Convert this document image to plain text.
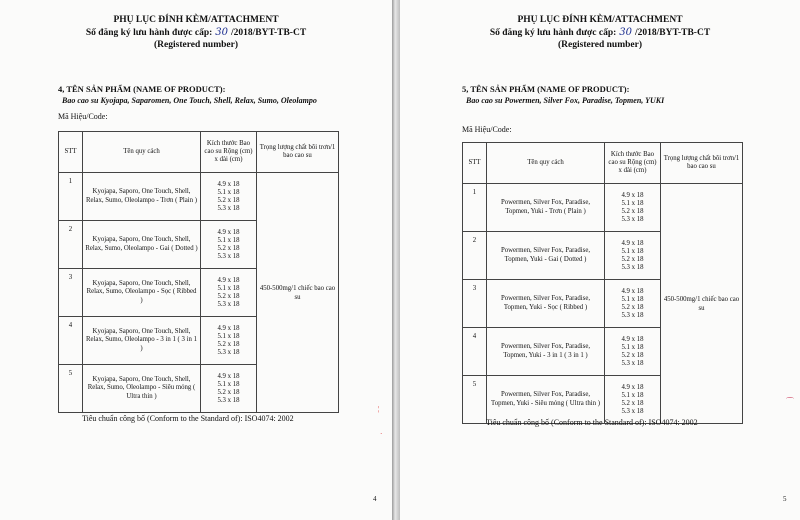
PHỤ LỤC ĐÍNH KÈM/ATTACHMENT
Số đăng ký lưu hành được cấp: 30 /2018/BYT-TB-CT
(Registered number)
4, TÊN SẢN PHẨM (NAME OF PRODUCT):
Bao cao su Kyojapa, Saparomen, One Touch, Shell, Relax, Sumo, Oleolampo
Mã Hiệu/Code:
STT	Tên quy cách	Kích thước Bao cao su Rộng (cm) x dài (cm)	Trọng lượng chất bôi trơn/1 bao cao su
1	Kyojapa, Saporo, One Touch, Shell, Relax, Sumo, Oleolampo - Trơn ( Plain )	4.9 x 18
5.1 x 18
5.2 x 18
5.3 x 18	450-500mg/1 chiếc bao cao su
2	Kyojapa, Saporo, One Touch, Shell, Relax, Sumo, Oleolampo - Gai ( Dotted )	4.9 x 18
5.1 x 18
5.2 x 18
5.3 x 18	

3	Kyojapa, Saporo, One Touch, Shell, Relax, Sumo, Oleolampo - Sọc ( Ribbed )	4.9 x 18
5.1 x 18
5.2 x 18
5.3 x 18	

4	Kyojapa, Saporo, One Touch, Shell, Relax, Sumo, Oleolampo - 3 in 1 ( 3 in 1 )	4.9 x 18
5.1 x 18
5.2 x 18
5.3 x 18	

5	Kyojapa, Saporo, One Touch, Shell, Relax, Sumo, Oleolampo - Siêu mỏng ( Ultra thin )	4.9 x 18
5.1 x 18
5.2 x 18
5.3 x 18	
Tiêu chuẩn công bố (Conform to the Standard of): ISO4074: 2002
4
¦
·
PHỤ LỤC ĐÍNH KÈM/ATTACHMENT
Số đăng ký lưu hành được cấp: 30 /2018/BYT-TB-CT
(Registered number)
5, TÊN SẢN PHẨM (NAME OF PRODUCT):
Bao cao su Powermen, Silver Fox, Paradise, Topmen, YUKI
Mã Hiệu/Code:
STT	Tên quy cách	Kích thước Bao cao su Rộng (cm) x dài (cm)	Trọng lượng chất bôi trơn/1 bao cao su
1	Powermen, Silver Fox, Paradise, Topmen, Yuki - Trơn ( Plain )	4.9 x 18
5.1 x 18
5.2 x 18
5.3 x 18	450-500mg/1 chiếc bao cao su
2	Powermen, Silver Fox, Paradise, Topmen, Yuki - Gai ( Dotted )	4.9 x 18
5.1 x 18
5.2 x 18
5.3 x 18	

3	Powermen, Silver Fox, Paradise, Topmen, Yuki - Sọc ( Ribbed )	4.9 x 18
5.1 x 18
5.2 x 18
5.3 x 18	

4	Powermen, Silver Fox, Paradise, Topmen, Yuki - 3 in 1 ( 3 in 1 )	4.9 x 18
5.1 x 18
5.2 x 18
5.3 x 18	

5	Powermen, Silver Fox, Paradise, Topmen, Yuki - Siêu mỏng ( Ultra thin )	4.9 x 18
5.1 x 18
5.2 x 18
5.3 x 18	
Tiêu chuẩn công bố (Conform to the Standard of): ISO4074: 2002
5
⌒
